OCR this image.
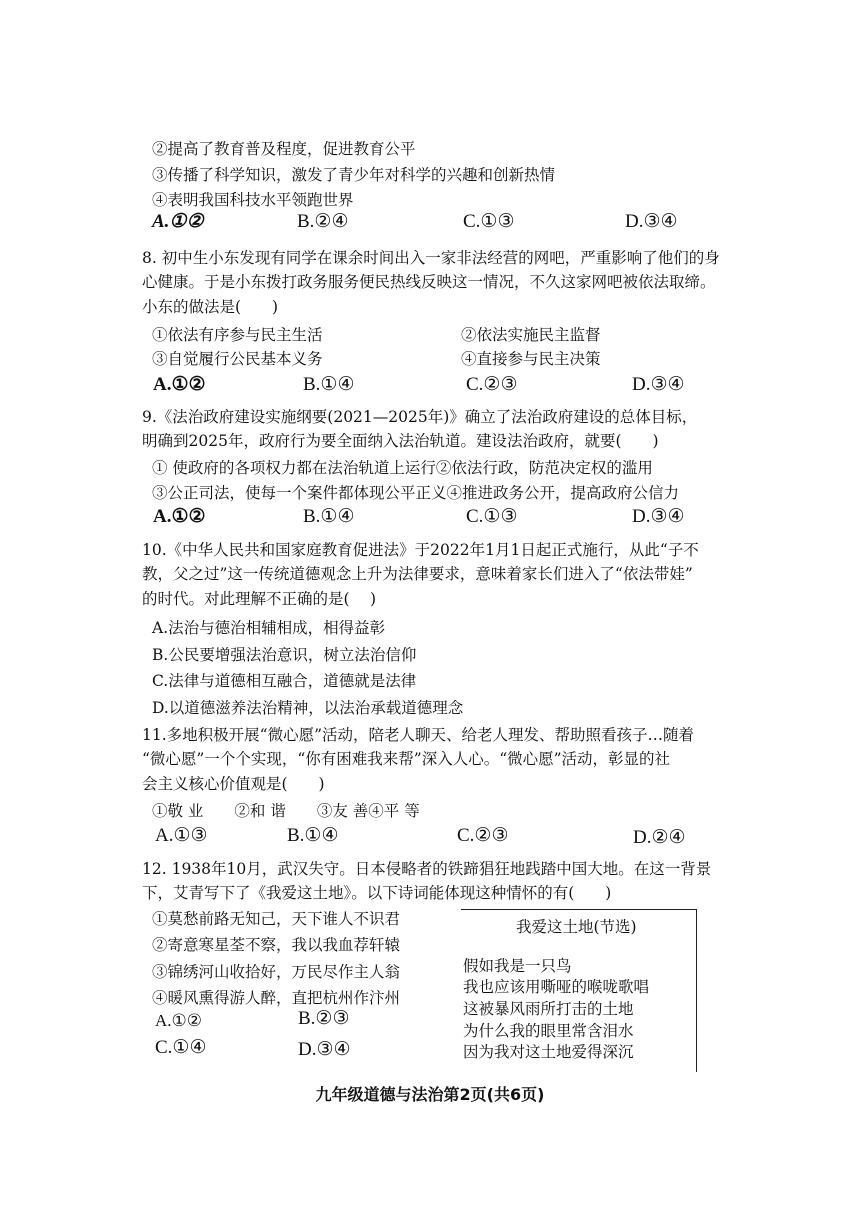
②提高了教育普及程度，促进教育公平
③传播了科学知识，激发了青少年对科学的兴趣和创新热情
④表明我国科技水平领跑世界
A.①②	B.②④	C.①③	D.③④
8. 初中生小东发现有同学在课余时间出入一家非法经营的网吧，严重影响了他们的身
心健康。于是小东拨打政务服务便民热线反映这一情况，不久这家网吧被依法取缔。
小东的做法是(　　)
①依法有序参与民主生活	②依法实施民主监督
③自觉履行公民基本义务	④直接参与民主决策
A.①②	B.①④	C.②③	D.③④
9.《法治政府建设实施纲要(2021—2025年)》确立了法治政府建设的总体目标，
明确到2025年，政府行为要全面纳入法治轨道。建设法治政府，就要(　　)
① 使政府的各项权力都在法治轨道上运行②依法行政，防范决定权的滥用
③公正司法，使每一个案件都体现公平正义④推进政务公开，提高政府公信力
A.①②	B.①④	C.①③	D.③④
10.《中华人民共和国家庭教育促进法》于2022年1月1日起正式施行，从此“子不
教，父之过”这一传统道德观念上升为法律要求，意味着家长们进入了“依法带娃”
的时代。对此理解不正确的是(　 )
A.法治与德治相辅相成，相得益彰
B.公民要增强法治意识，树立法治信仰
C.法律与道德相互融合，道德就是法律
D.以道德滋养法治精神，以法治承载道德理念
11.多地积极开展“微心愿”活动，陪老人聊天、给老人理发、帮助照看孩子…随着
“微心愿”一个个实现，“你有困难我来帮”深入人心。“微心愿”活动，彰显的社
会主义核心价值观是(　　)
①敬 业　　②和 谐　　③友 善④平 等
A.①③	B.①④	C.②③	D.②④
12. 1938年10月，武汉失守。日本侵略者的铁蹄猖狂地践踏中国大地。在这一背景
下，艾青写下了《我爱这土地》。以下诗词能体现这种情怀的有(　　)
①莫愁前路无知己，天下谁人不识君
②寄意寒星荃不察，我以我血荐轩辕
③锦绣河山收拾好，万民尽作主人翁
④暖风熏得游人醉，直把杭州作汴州
A.①②	B.②③
C.①④	D.③④
我爱这土地(节选)
假如我是一只鸟
我也应该用嘶哑的喉咙歌唱
这被暴风雨所打击的土地
为什么我的眼里常含泪水
因为我对这土地爱得深沉
九年级道德与法治第2页(共6页)
